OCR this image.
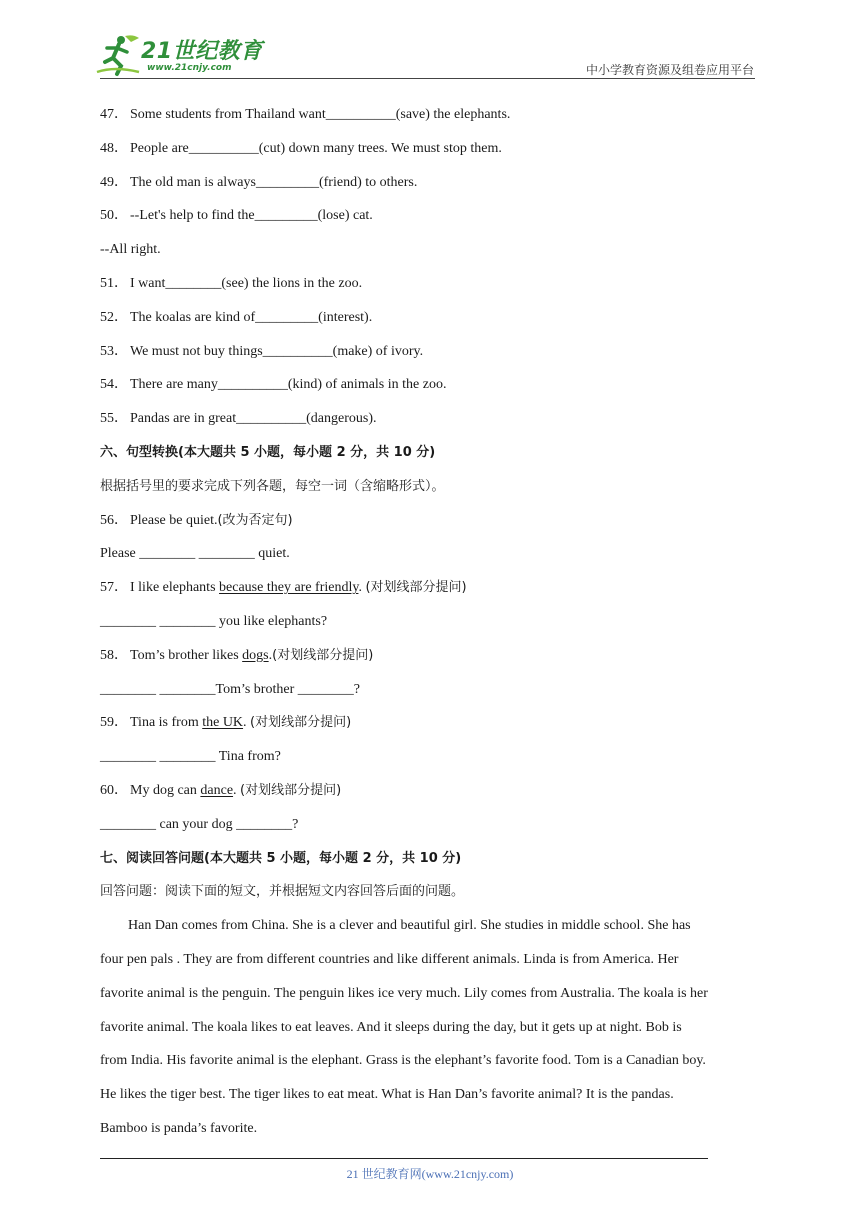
21世纪教育
www.21cnjy.com	中小学教育资源及组卷应用平台
47． Some students from Thailand want__________(save) the elephants.
48． People are__________(cut) down many trees. We must stop them.
49． The old man is always_________(friend) to others.
50． --Let's help to find the_________(lose) cat.
--All right.
51． I want________(see) the lions in the zoo.
52． The koalas are kind of_________(interest).
53． We must not buy things__________(make) of ivory.
54． There are many__________(kind) of animals in the zoo.
55． Pandas are in great__________(dangerous).
六、句型转换(本大题共 5 小题，每小题 2 分，共 10 分)
根据括号里的要求完成下列各题，每空一词（含缩略形式）。
56． Please be quiet.(改为否定句)
Please ________ ________ quiet.
57． I like elephants because they are friendly. (对划线部分提问)
________ ________ you like elephants?
58． Tom’s brother likes dogs.(对划线部分提问)
________ ________Tom’s brother ________?
59． Tina is from the UK. (对划线部分提问)
________ ________ Tina from?
60． My dog can dance. (对划线部分提问)
________ can your dog ________?
七、阅读回答问题(本大题共 5 小题，每小题 2 分，共 10 分)
回答问题：阅读下面的短文，并根据短文内容回答后面的问题。
Han Dan comes from China. She is a clever and beautiful girl. She studies in middle school. She has
four pen pals . They are from different countries and like different animals. Linda is from America. Her
favorite animal is the penguin. The penguin likes ice very much. Lily comes from Australia. The koala is her
favorite animal. The koala likes to eat leaves. And it sleeps during the day, but it gets up at night. Bob is
from India. His favorite animal is the elephant. Grass is the elephant’s favorite food. Tom is a Canadian boy.
He likes the tiger best. The tiger likes to eat meat. What is Han Dan’s favorite animal? It is the pandas.
Bamboo is panda’s favorite.
21 世纪教育网(www.21cnjy.com)
